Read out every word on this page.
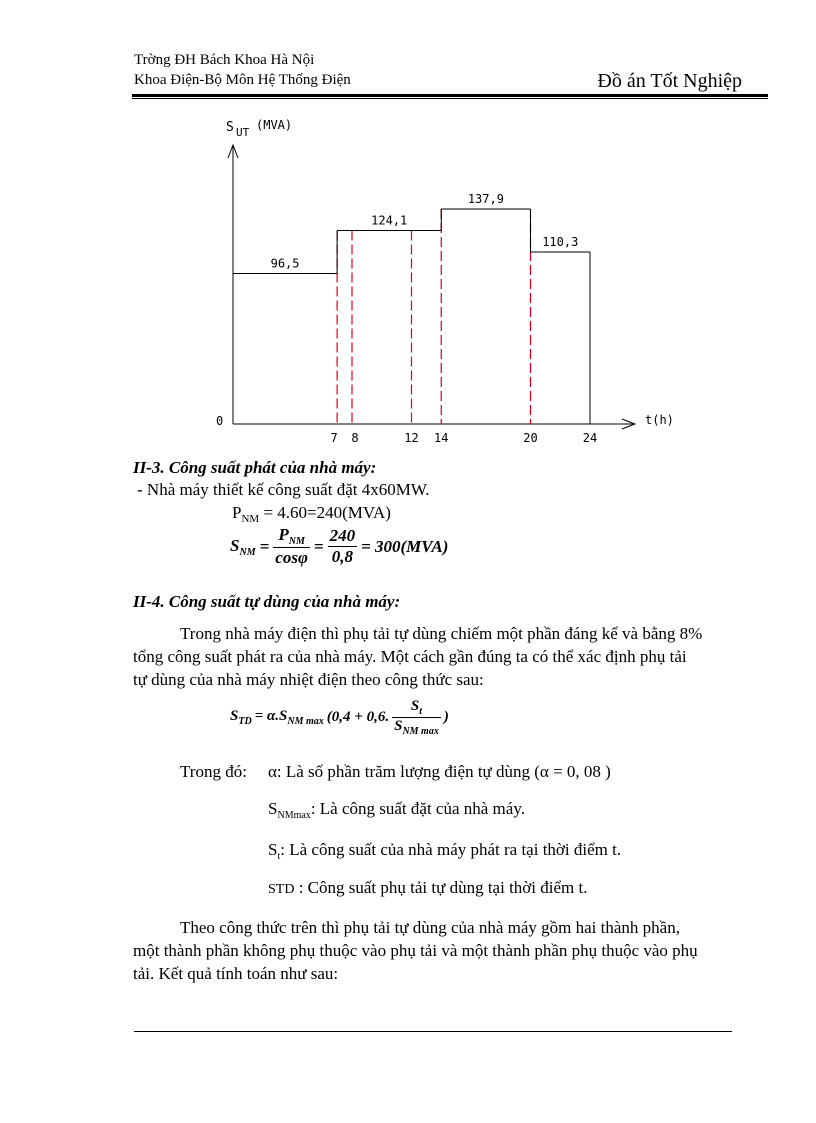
Trờng ĐH Bách Khoa Hà Nội
Khoa Điện-Bộ Môn Hệ Thống Điện	Đồ án Tốt Nghiệp
S UT
(MVA)
t(h)
0
7 8	12 14	20	24
96,5
124,1
137,9
110,3
II-3. Công suất phát của nhà máy:
- Nhà máy thiết kế công suất đặt 4x60MW.
$P_{NM} = 4.60=240(MVA)$
$S_{NM} = \frac{P_{NM}}{\cos\varphi} = \frac{240}{0,8} = 300(MVA)$
II-4. Công suất tự dùng của nhà máy:
Trong nhà máy điện thì phụ tải tự dùng chiếm một phần đáng kể và bằng 8%
tổng công suất phát ra của nhà máy. Một cách gần đúng ta có thể xác định phụ tải
tự dùng của nhà máy nhiệt điện theo công thức sau:
$S_{TD} = \alpha.S_{NM max}$ (0,4 + 0,6. $\frac{S_t}{S_{NM max}}$ )
Trong đó: α: Là số phần trăm lượng điện tự dùng (α = 0, 08 )
$S_{NMmax}$: Là công suất đặt của nhà máy.
$S_t$: Là công suất của nhà máy phát ra tại thời điểm t.
STD : Công suất phụ tải tự dùng tại thời điểm t.
Theo công thức trên thì phụ tải tự dùng của nhà máy gồm hai thành phần,
một thành phần không phụ thuộc vào phụ tải và một thành phần phụ thuộc vào phụ
tải. Kết quả tính toán như sau:
